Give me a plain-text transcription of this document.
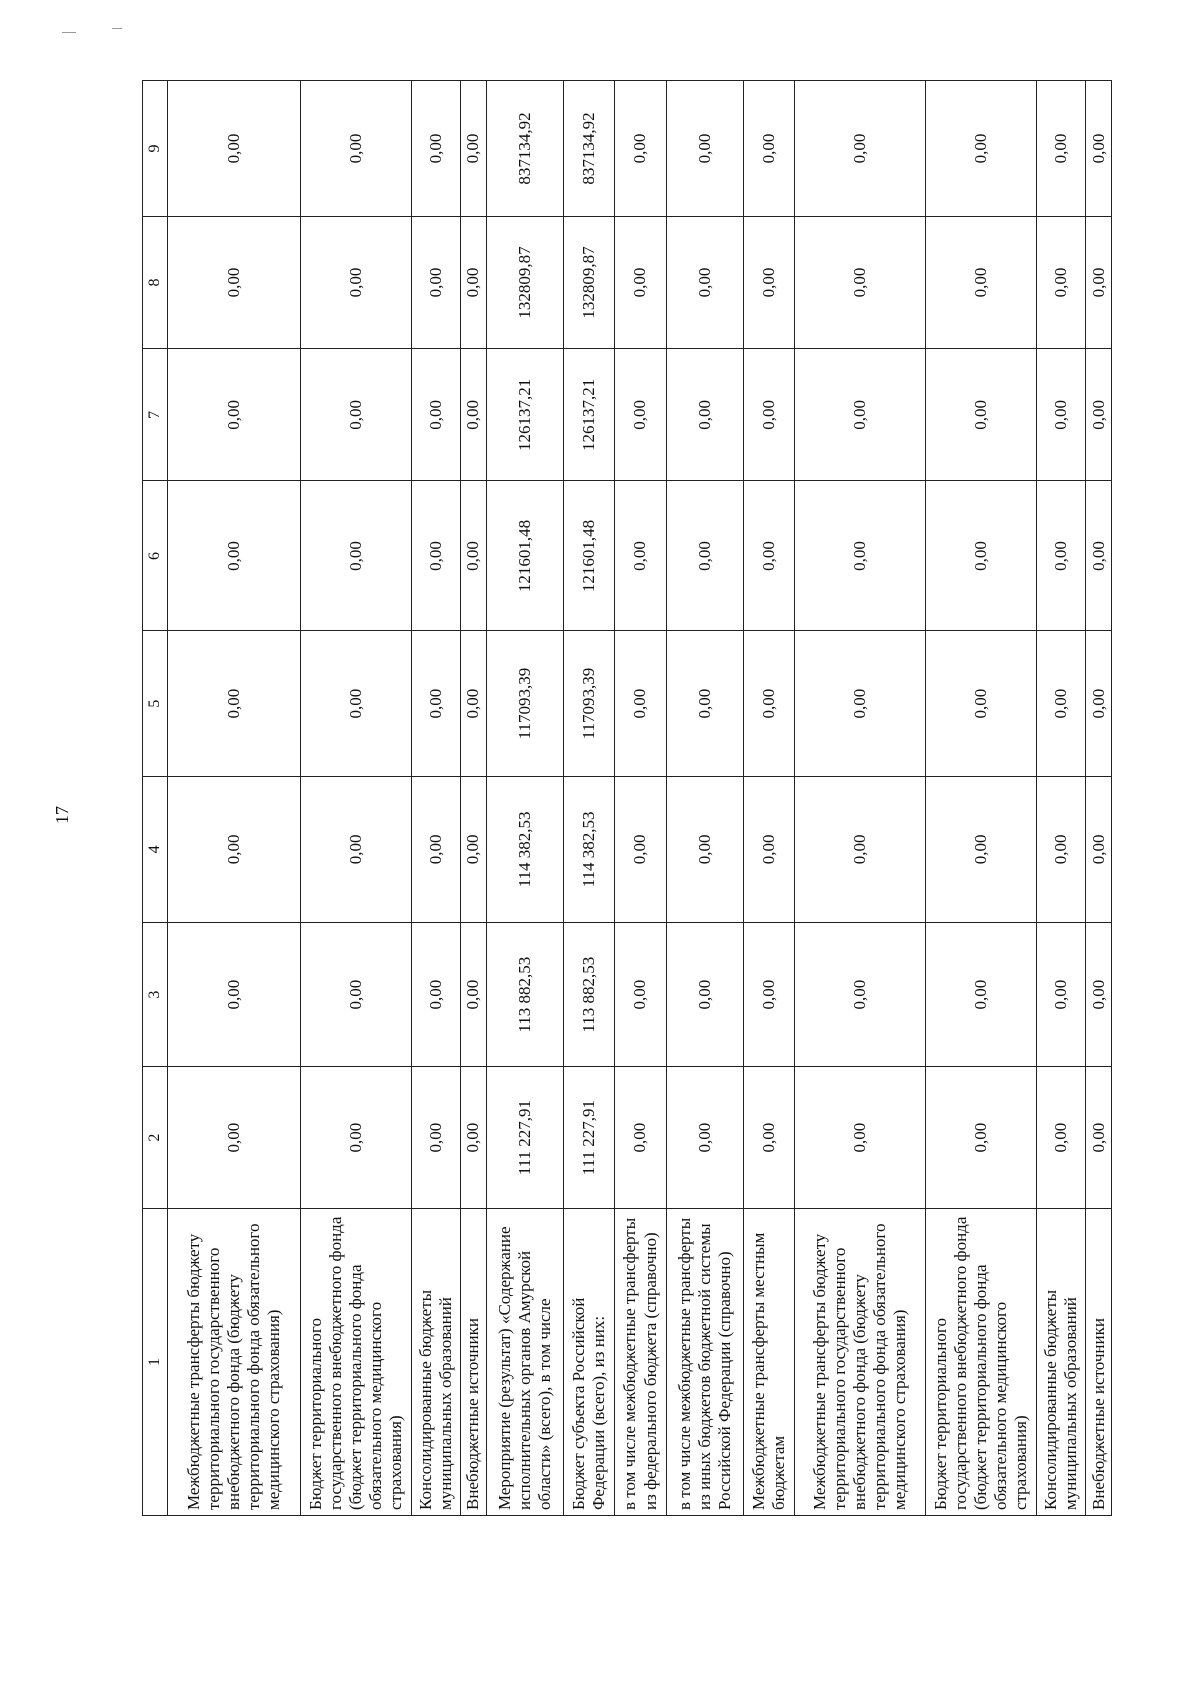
17
1	2	3	4	5	6	7	8	9
Межбюджетные трансферты бюджету территориального государственного внебюджетного фонда (бюджету территориального фонда обязательного медицинского страхования)	0,00	0,00	0,00	0,00	0,00	0,00	0,00	0,00
Бюджет территориального государственного внебюджетного фонда (бюджет территориального фонда обязательного медицинского страхования)	0,00	0,00	0,00	0,00	0,00	0,00	0,00	0,00
Консолидированные бюджеты муниципальных образований	0,00	0,00	0,00	0,00	0,00	0,00	0,00	0,00
Внебюджетные источники	0,00	0,00	0,00	0,00	0,00	0,00	0,00	0,00
Мероприятие (результат) «Содержание исполнительных органов Амурской области» (всего), в том числе	111 227,91	113 882,53	114 382,53	117093,39	121601,48	126137,21	132809,87	837134,92
Бюджет субъекта Российской Федерации (всего), из них:	111 227,91	113 882,53	114 382,53	117093,39	121601,48	126137,21	132809,87	837134,92
в том числе межбюджетные трансферты из федерального бюджета (справочно)	0,00	0,00	0,00	0,00	0,00	0,00	0,00	0,00
в том числе межбюджетные трансферты из иных бюджетов бюджетной системы Российской Федерации (справочно)	0,00	0,00	0,00	0,00	0,00	0,00	0,00	0,00
Межбюджетные трансферты местным бюджетам	0,00	0,00	0,00	0,00	0,00	0,00	0,00	0,00
Межбюджетные трансферты бюджету территориального государственного внебюджетного фонда (бюджету территориального фонда обязательного медицинского страхования)	0,00	0,00	0,00	0,00	0,00	0,00	0,00	0,00
Бюджет территориального государственного внебюджетного фонда (бюджет территориального фонда обязательного медицинского страхования)	0,00	0,00	0,00	0,00	0,00	0,00	0,00	0,00
Консолидированные бюджеты муниципальных образований	0,00	0,00	0,00	0,00	0,00	0,00	0,00	0,00
Внебюджетные источники	0,00	0,00	0,00	0,00	0,00	0,00	0,00	0,00
